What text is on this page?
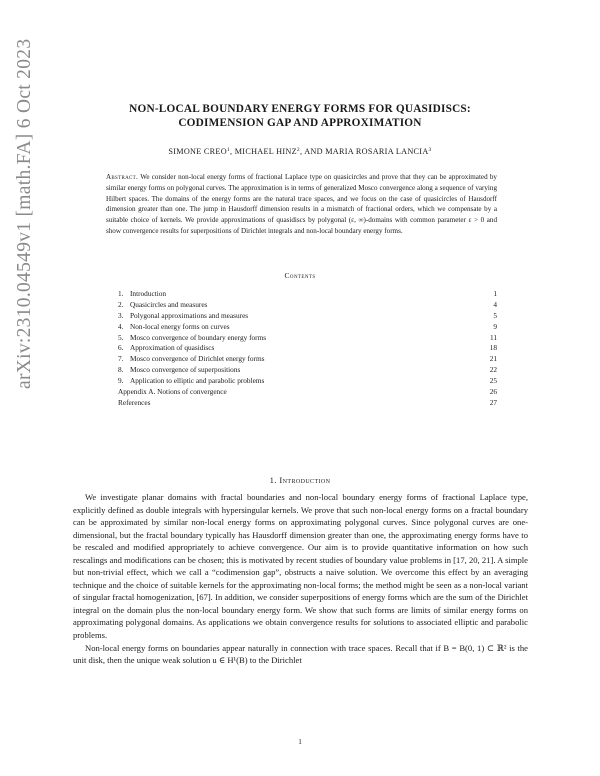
arXiv:2310.04549v1 [math.FA] 6 Oct 2023	NON-LOCAL BOUNDARY ENERGY FORMS FOR QUASIDISCS:
CODIMENSION GAP AND APPROXIMATION
SIMONE CREO$^1$, MICHAEL HINZ$^2$, AND MARIA ROSARIA LANCIA$^3$
Abstract. We consider non-local energy forms of fractional Laplace type on quasicircles and prove that they can be approximated by similar energy forms on polygonal curves. The approximation is in terms of generalized Mosco convergence along a sequence of varying Hilbert spaces. The domains of the energy forms are the natural trace spaces, and we focus on the case of quasicircles of Hausdorff dimension greater than one. The jump in Hausdorff dimension results in a mismatch of fractional orders, which we compensate by a suitable choice of kernels. We provide approximations of quasidiscs by polygonal (ε, ∞)-domains with common parameter ε > 0 and show convergence results for superpositions of Dirichlet integrals and non-local boundary energy forms.
Contents
1. Introduction	1
2. Quasicircles and measures	4
3. Polygonal approximations and measures	5
4. Non-local energy forms on curves	9
5. Mosco convergence of boundary energy forms	11
6. Approximation of quasidiscs	18
7. Mosco convergence of Dirichlet energy forms	21
8. Mosco convergence of superpositions	22
9. Application to elliptic and parabolic problems	25
Appendix A. Notions of convergence	26
References	27
1. Introduction

We investigate planar domains with fractal boundaries and non-local boundary energy forms of fractional Laplace type, explicitly defined as double integrals with hypersingular kernels. We prove that such non-local energy forms on a fractal boundary can be approximated by similar non-local energy forms on approximating polygonal curves. Since polygonal curves are one-dimensional, but the fractal boundary typically has Hausdorff dimension greater than one, the approximating energy forms have to be rescaled and modified appropriately to achieve convergence. Our aim is to provide quantitative information on how such rescalings and modifications can be chosen; this is motivated by recent studies of boundary value problems in [17, 20, 21]. A simple but non-trivial effect, which we call a “codimension gap”, obstructs a naive solution. We overcome this effect by an averaging technique and the choice of suitable kernels for the approximating non-local forms; the method might be seen as a non-local variant of singular fractal homogenization, [67]. In addition, we consider superpositions of energy forms which are the sum of the Dirichlet integral on the domain plus the non-local boundary energy form. We show that such forms are limits of similar energy forms on approximating polygonal domains. As applications we obtain convergence results for solutions to associated elliptic and parabolic problems.

Non-local energy forms on boundaries appear naturally in connection with trace spaces. Recall that if B = B(0, 1) ⊂ ℝ² is the unit disk, then the unique weak solution u ∈ H¹(B) to the Dirichlet

1
